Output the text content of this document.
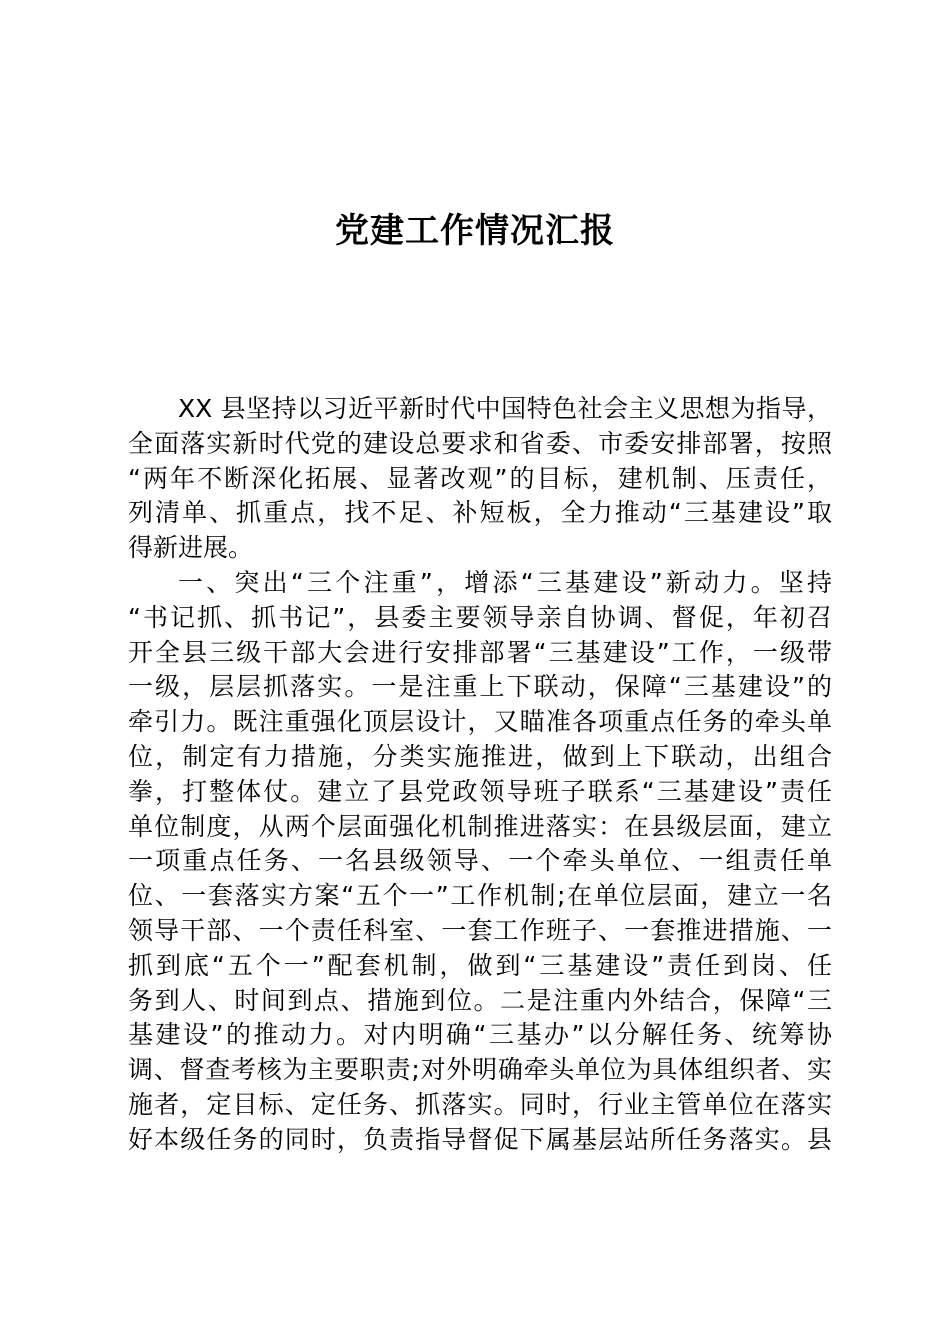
党建工作情况汇报
XX 县坚持以习近平新时代中国特色社会主义思想为指导，
全面落实新时代党的建设总要求和省委、市委安排部署，按照
“两年不断深化拓展、显著改观”的目标，建机制、压责任，
列清单、抓重点，找不足、补短板，全力推动“三基建设”取
得新进展。
一、突出“三个注重”，增添“三基建设”新动力。坚持
“书记抓、抓书记”，县委主要领导亲自协调、督促，年初召
开全县三级干部大会进行安排部署“三基建设”工作，一级带
一级，层层抓落实。一是注重上下联动，保障“三基建设”的
牵引力。既注重强化顶层设计，又瞄准各项重点任务的牵头单
位，制定有力措施，分类实施推进，做到上下联动，出组合
拳，打整体仗。建立了县党政领导班子联系“三基建设”责任
单位制度，从两个层面强化机制推进落实：在县级层面，建立
一项重点任务、一名县级领导、一个牵头单位、一组责任单
位、一套落实方案“五个一”工作机制;在单位层面，建立一名
领导干部、一个责任科室、一套工作班子、一套推进措施、一
抓到底“五个一”配套机制，做到“三基建设”责任到岗、任
务到人、时间到点、措施到位。二是注重内外结合，保障“三
基建设”的推动力。对内明确“三基办”以分解任务、统筹协
调、督查考核为主要职责;对外明确牵头单位为具体组织者、实
施者，定目标、定任务、抓落实。同时，行业主管单位在落实
好本级任务的同时，负责指导督促下属基层站所任务落实。县
